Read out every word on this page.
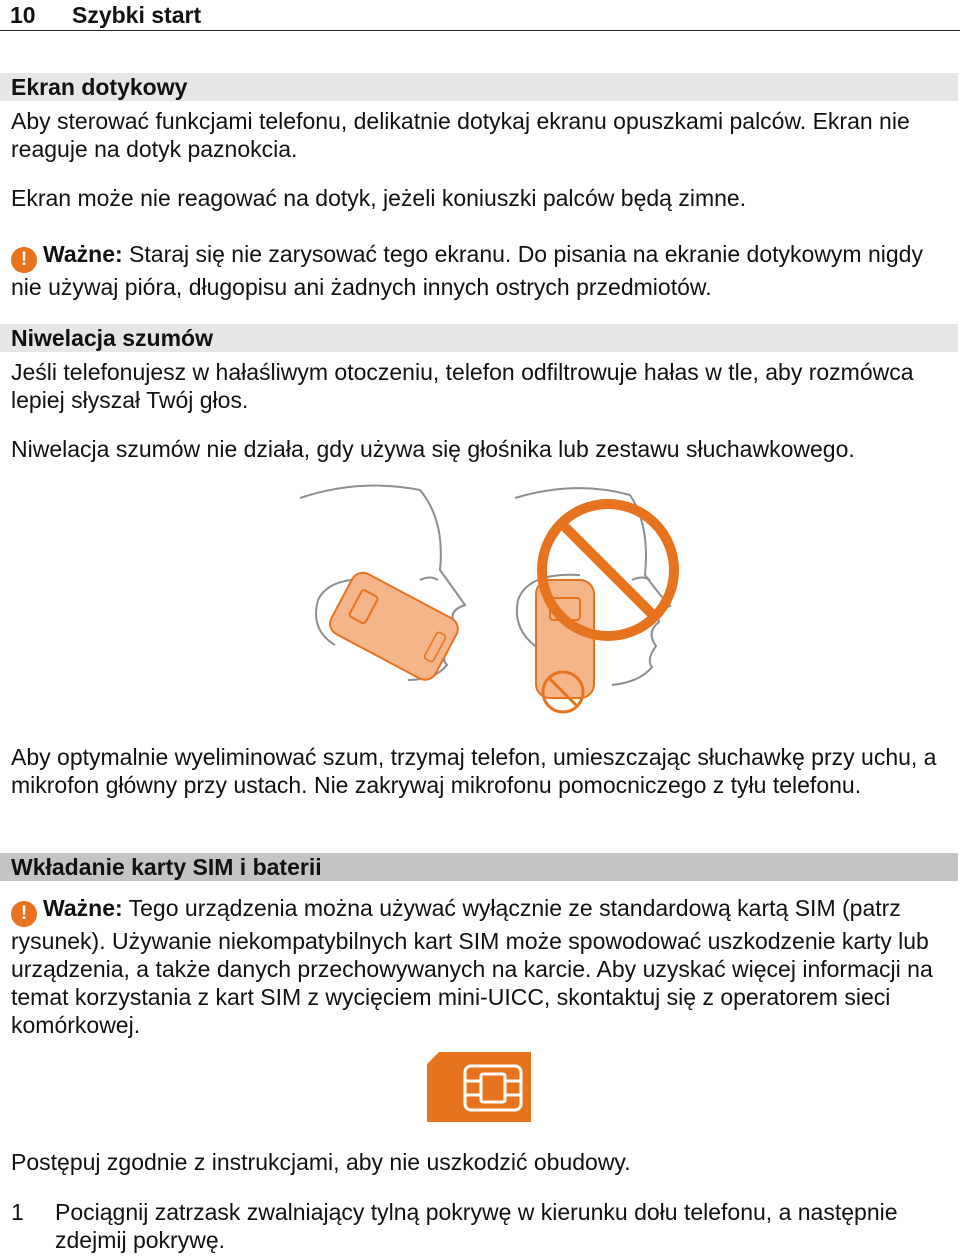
10 Szybki start
Ekran dotykowy

Aby sterować funkcjami telefonu, delikatnie dotykaj ekranu opuszkami palców. Ekran nie reaguje na dotyk paznokcia.

Ekran może nie reagować na dotyk, jeżeli koniuszki palców będą zimne.

! Ważne: Staraj się nie zarysować tego ekranu. Do pisania na ekranie dotykowym nigdy nie używaj pióra, długopisu ani żadnych innych ostrych przedmiotów.

Niwelacja szumów

Jeśli telefonujesz w hałaśliwym otoczeniu, telefon odfiltrowuje hałas w tle, aby rozmówca lepiej słyszał Twój głos.

Niwelacja szumów nie działa, gdy używa się głośnika lub zestawu słuchawkowego.

Aby optymalnie wyeliminować szum, trzymaj telefon, umieszczając słuchawkę przy uchu, a mikrofon główny przy ustach. Nie zakrywaj mikrofonu pomocniczego z tyłu telefonu.

Wkładanie karty SIM i baterii

! Ważne: Tego urządzenia można używać wyłącznie ze standardową kartą SIM (patrz rysunek). Używanie niekompatybilnych kart SIM może spowodować uszkodzenie karty lub urządzenia, a także danych przechowywanych na karcie. Aby uzyskać więcej informacji na temat korzystania z kart SIM z wycięciem mini-UICC, skontaktuj się z operatorem sieci komórkowej.

Postępuj zgodnie z instrukcjami, aby nie uszkodzić obudowy.

1 Pociągnij zatrzask zwalniający tylną pokrywę w kierunku dołu telefonu, a następnie zdejmij pokrywę.
